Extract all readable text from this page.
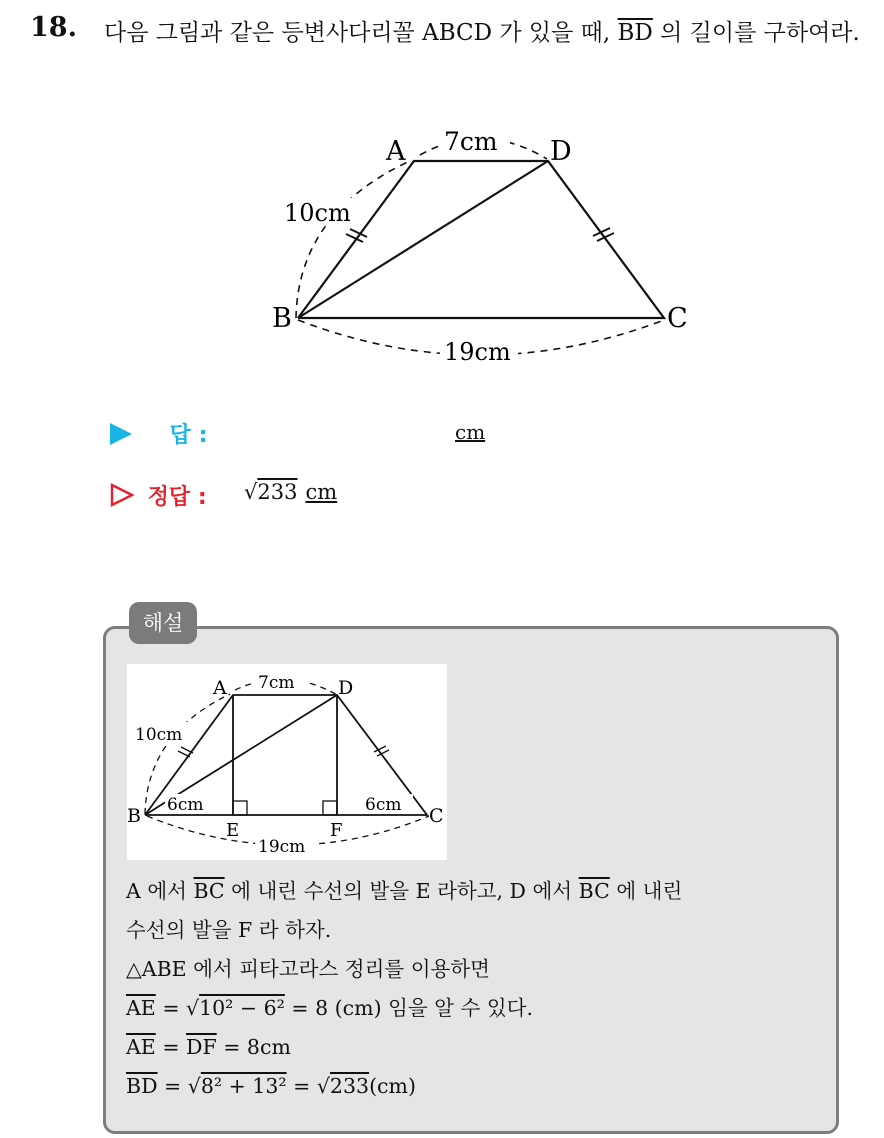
18. 다음 그림과 같은 등변사다리꼴 ABCD 가 있을 때, $\overline{BD}$ 의 길이를 구하여라.
A	D
B	C
7cm
10cm
19cm
답 :	cm
정답 : √233 cm
해설
A	D
B	C
E	F
7cm
10cm
6cm	6cm
19cm

A 에서 $\overline{BC}$ 에 내린 수선의 발을 E 라하고, D 에서 $\overline{BC}$ 에 내린

수선의 발을 F 라 하자.

△ABE 에서 피타고라스 정리를 이용하면

$\overline{AE} = √10^2 - 6^2 = 8$ (cm) 임을 알 수 있다.

$\overline{AE} = \overline{DF} = 8cm$

$\overline{BD} = √8^2 + 13^2 = √233(cm)$
